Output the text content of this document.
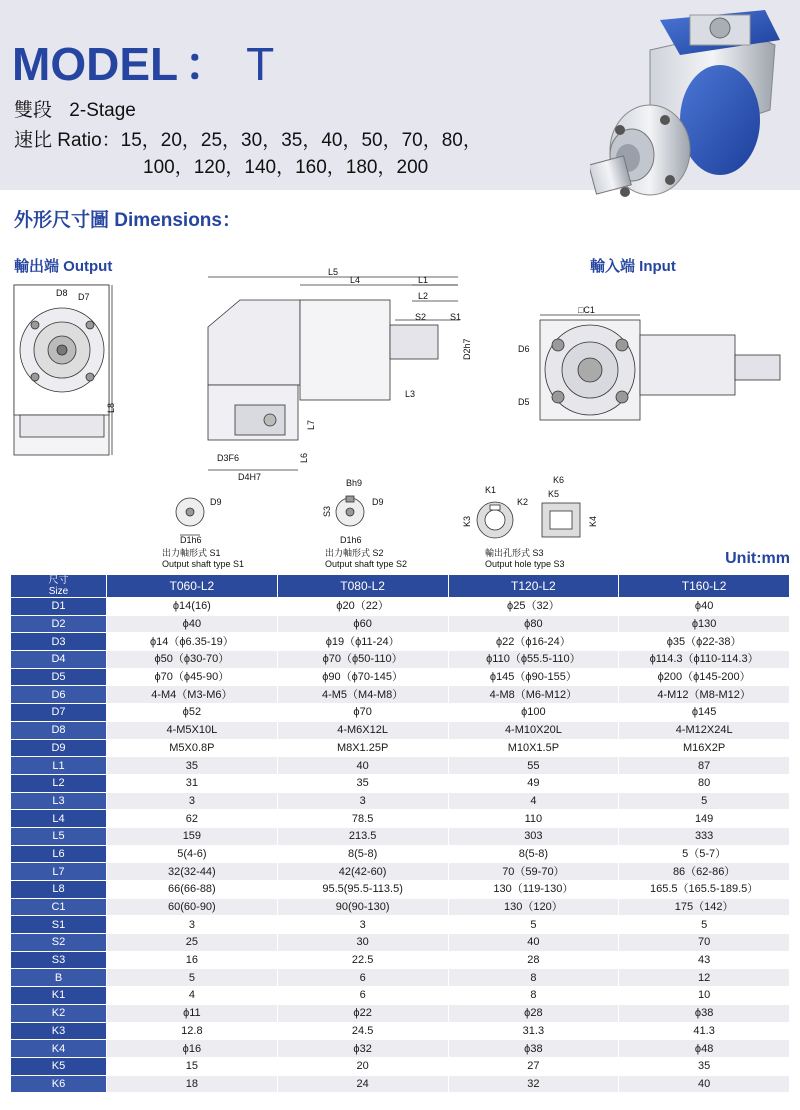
MODEL ： T
雙段 2-Stage
速比 Ratio：15，20，25，30，35，40，50，70，80，
100，120，140，160，180，200
外形尺寸圖 Dimensions：
輸出端 Output	輸入端 Input
D8 D7
L8
L5
L4	L1
L2
S2	S1
D2h7
L3
L7
L6
D3F6
D4H7
□C1
D6
D5
D9
D1h6
出力軸形式 S1
Output shaft type S1
Bh9
D9
S3
D1h6
出力軸形式 S2
Output shaft type S2
K1
K2
K3	K4
K5
K6
輸出孔形式 S3
Output hole type S3	Unit:mm
尺寸
Size	T060-L2	T080-L2	T120-L2	T160-L2
D1	ϕ14(16)	ϕ20（22）	ϕ25（32）	ϕ40
D2	ϕ40	ϕ60	ϕ80	ϕ130
D3	ϕ14（ϕ6.35-19）	ϕ19（ϕ11-24）	ϕ22（ϕ16-24）	ϕ35（ϕ22-38）
D4	ϕ50（ϕ30-70）	ϕ70（ϕ50-110）	ϕ110（ϕ55.5-110）	ϕ114.3（ϕ110-114.3）
D5	ϕ70（ϕ45-90）	ϕ90（ϕ70-145）	ϕ145（ϕ90-155）	ϕ200（ϕ145-200）
D6	4-M4（M3-M6）	4-M5（M4-M8）	4-M8（M6-M12）	4-M12（M8-M12）
D7	ϕ52	ϕ70	ϕ100	ϕ145
D8	4-M5X10L	4-M6X12L	4-M10X20L	4-M12X24L
D9	M5X0.8P	M8X1.25P	M10X1.5P	M16X2P
L1	35	40	55	87
L2	31	35	49	80
L3	3	3	4	5
L4	62	78.5	110	149
L5	159	213.5	303	333
L6	5(4-6)	8(5-8)	8(5-8)	5（5-7）
L7	32(32-44)	42(42-60)	70（59-70）	86（62-86）
L8	66(66-88)	95.5(95.5-113.5)	130（119-130）	165.5（165.5-189.5）
C1	60(60-90)	90(90-130)	130（120）	175（142）
S1	3	3	5	5
S2	25	30	40	70
S3	16	22.5	28	43
B	5	6	8	12
K1	4	6	8	10
K2	ϕ11	ϕ22	ϕ28	ϕ38
K3	12.8	24.5	31.3	41.3
K4	ϕ16	ϕ32	ϕ38	ϕ48
K5	15	20	27	35
K6	18	24	32	40
